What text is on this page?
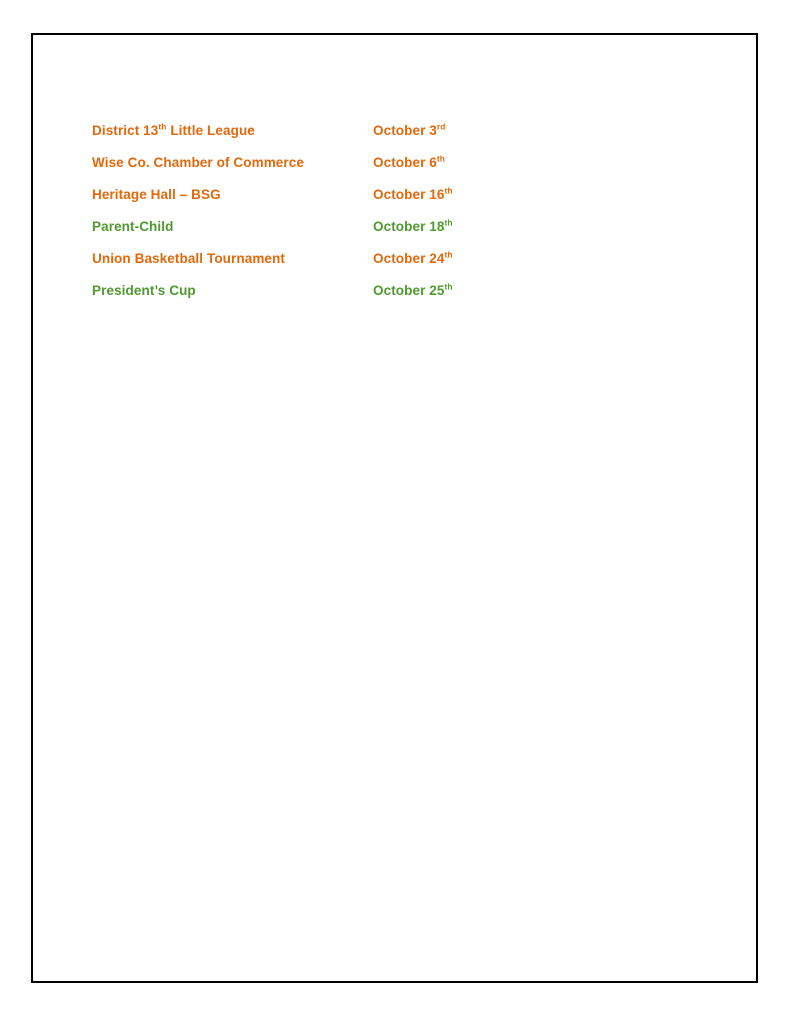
District 13th Little League	October 3rd
Wise Co. Chamber of Commerce	October 6th
Heritage Hall – BSG	October 16th
Parent-Child	October 18th
Union Basketball Tournament	October 24th
President’s Cup	October 25th
